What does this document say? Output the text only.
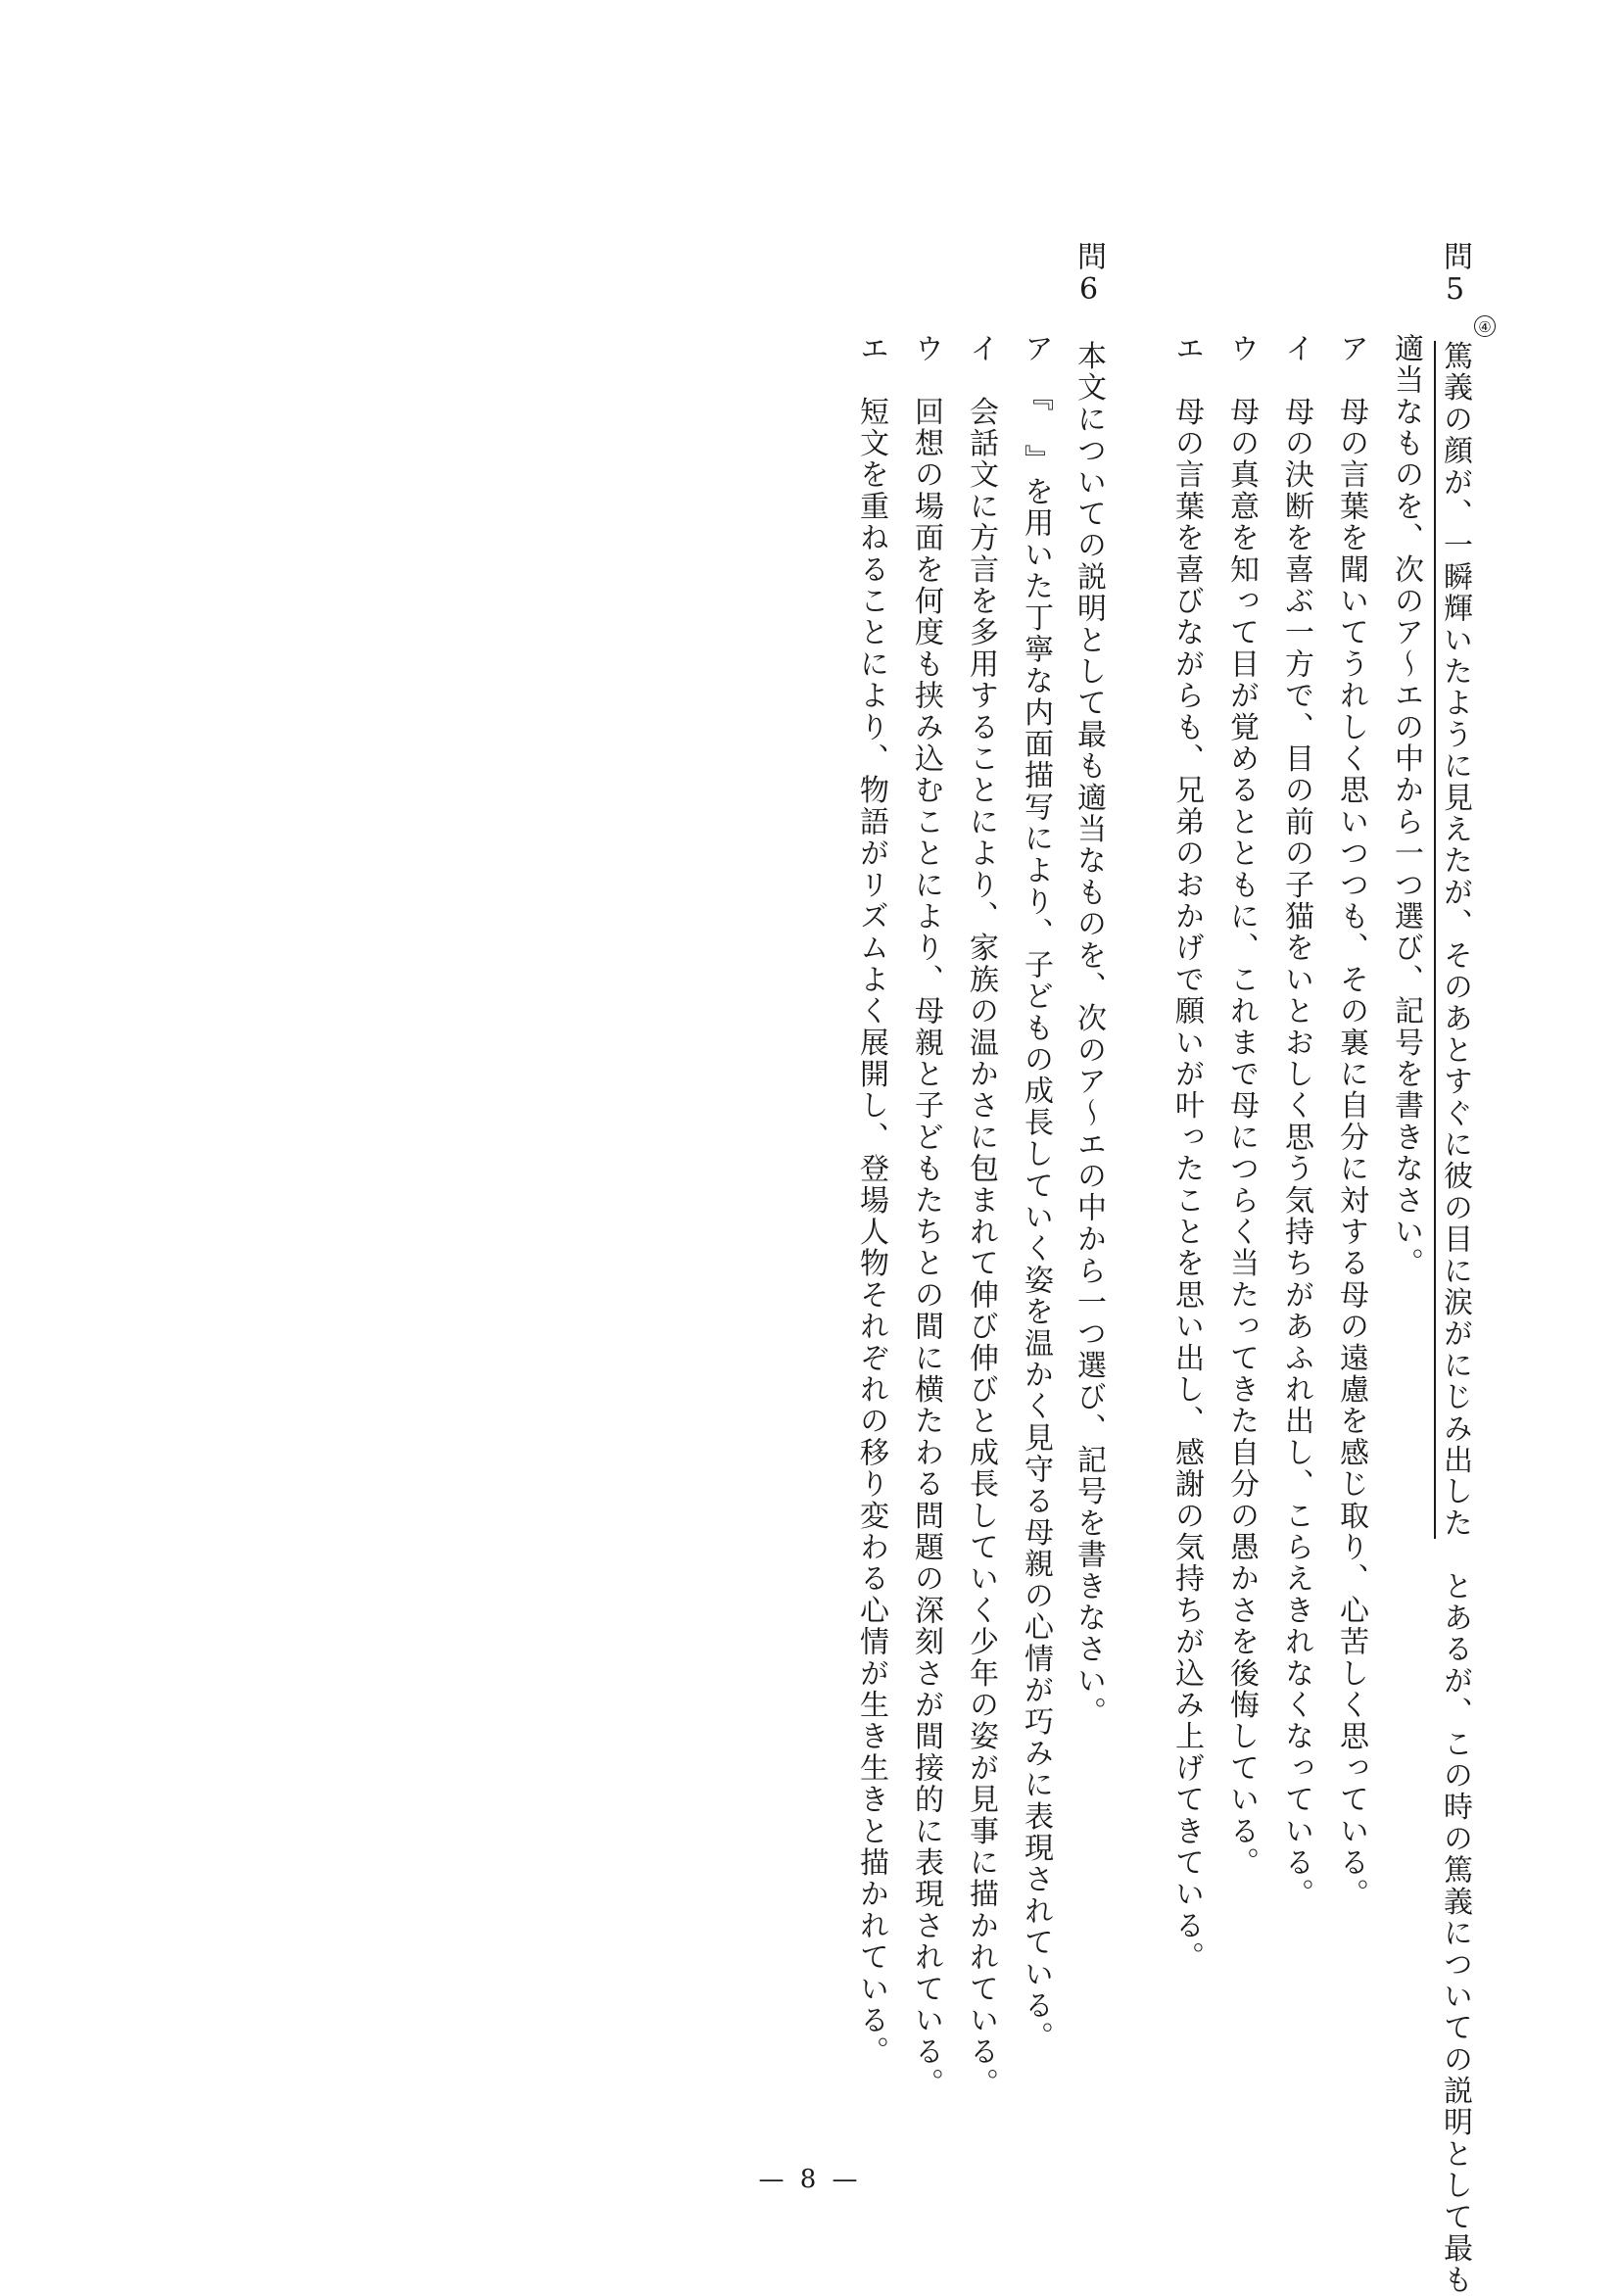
問5　篤義の顔が、一瞬輝いたように見えたが、そのあとすぐに彼の目に涙がにじみ出した　とあるが、この時の篤義についての説明として最も
④
適当なものを、次のア～エの中から一つ選び、記号を書きなさい。
ア　母の言葉を聞いてうれしく思いつつも、その裏に自分に対する母の遠慮を感じ取り、心苦しく思っている。
イ　母の決断を喜ぶ一方で、目の前の子猫をいとおしく思う気持ちがあふれ出し、こらえきれなくなっている。
ウ　母の真意を知って目が覚めるとともに、これまで母につらく当たってきた自分の愚かさを後悔している。
エ　母の言葉を喜びながらも、兄弟のおかげで願いが叶ったことを思い出し、感謝の気持ちが込み上げてきている。
問6　本文についての説明として最も適当なものを、次のア～エの中から一つ選び、記号を書きなさい。
ア　『　』を用いた丁寧な内面描写により、子どもの成長していく姿を温かく見守る母親の心情が巧みに表現されている。
イ　会話文に方言を多用することにより、家族の温かさに包まれて伸び伸びと成長していく少年の姿が見事に描かれている。
ウ　回想の場面を何度も挟み込むことにより、母親と子どもたちとの間に横たわる問題の深刻さが間接的に表現されている。
エ　短文を重ねることにより、物語がリズムよく展開し、登場人物それぞれの移り変わる心情が生き生きと描かれている。
— 8 —
